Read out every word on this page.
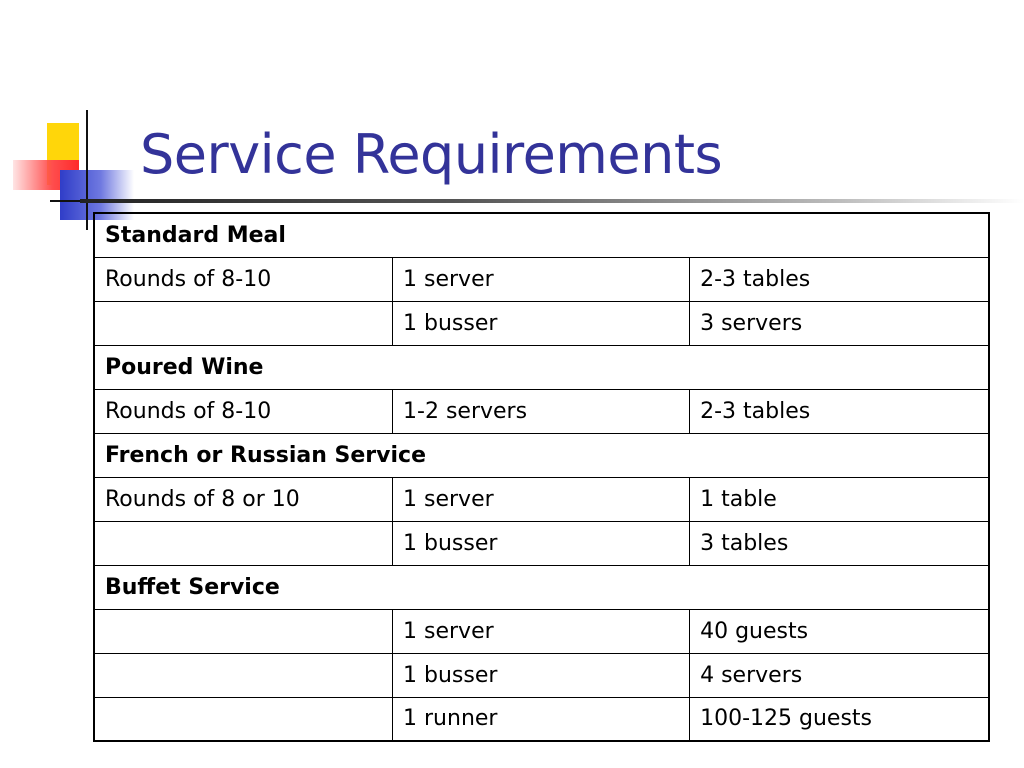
Service Requirements
Standard Meal		
Rounds of 8-10	1 server	2-3 tables
	1 busser	3 servers
Poured Wine		
Rounds of 8-10	1-2 servers	2-3 tables
French or Russian Service		
Rounds of 8 or 10	1 server	1 table
	1 busser	3 tables
Buffet Service		
	1 server	40 guests
	1 busser	4 servers
	1 runner	100-125 guests
